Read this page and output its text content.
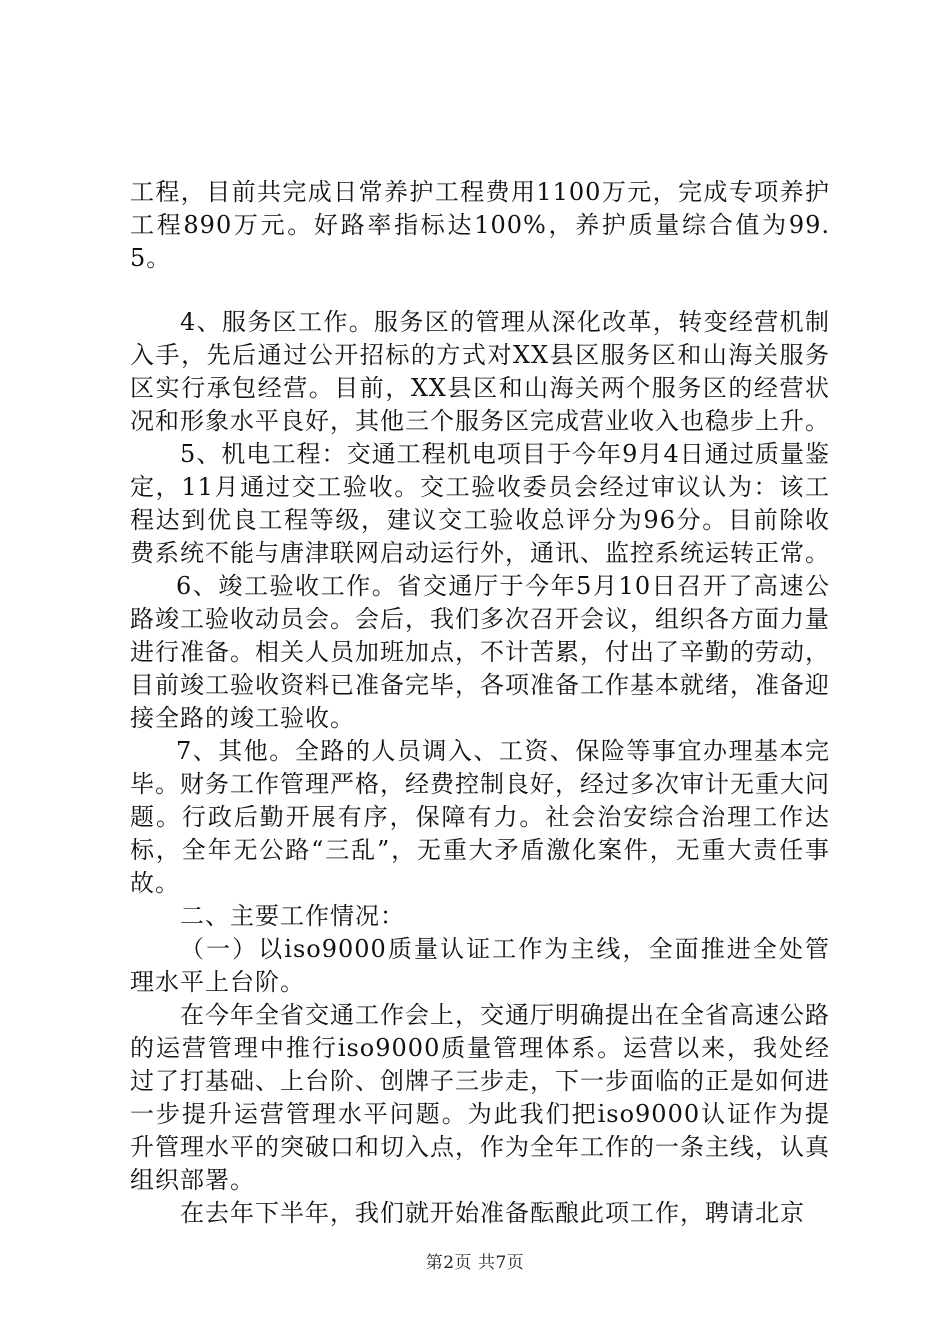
工程，目前共完成日常养护工程费用1100万元，完成专项养护工程890万元。好路率指标达100%，养护质量综合值为99.5。

4、服务区工作。服务区的管理从深化改革，转变经营机制入手，先后通过公开招标的方式对XX县区服务区和山海关服务区实行承包经营。目前，XX县区和山海关两个服务区的经营状况和形象水平良好，其他三个服务区完成营业收入也稳步上升。

5、机电工程：交通工程机电项目于今年9月4日通过质量鉴定，11月通过交工验收。交工验收委员会经过审议认为：该工程达到优良工程等级，建议交工验收总评分为96分。目前除收费系统不能与唐津联网启动运行外，通讯、监控系统运转正常。

6、竣工验收工作。省交通厅于今年5月10日召开了高速公路竣工验收动员会。会后，我们多次召开会议，组织各方面力量进行准备。相关人员加班加点，不计苦累，付出了辛勤的劳动，目前竣工验收资料已准备完毕，各项准备工作基本就绪，准备迎接全路的竣工验收。

7、其他。全路的人员调入、工资、保险等事宜办理基本完毕。财务工作管理严格，经费控制良好，经过多次审计无重大问题。行政后勤开展有序，保障有力。社会治安综合治理工作达标，全年无公路“三乱”，无重大矛盾激化案件，无重大责任事故。

二、主要工作情况：

（一）以iso9000质量认证工作为主线，全面推进全处管理水平上台阶。

在今年全省交通工作会上，交通厅明确提出在全省高速公路的运营管理中推行iso9000质量管理体系。运营以来，我处经过了打基础、上台阶、创牌子三步走，下一步面临的正是如何进一步提升运营管理水平问题。为此我们把iso9000认证作为提升管理水平的突破口和切入点，作为全年工作的一条主线，认真组织部署。

在去年下半年，我们就开始准备酝酿此项工作，聘请北京

第2页 共7页
